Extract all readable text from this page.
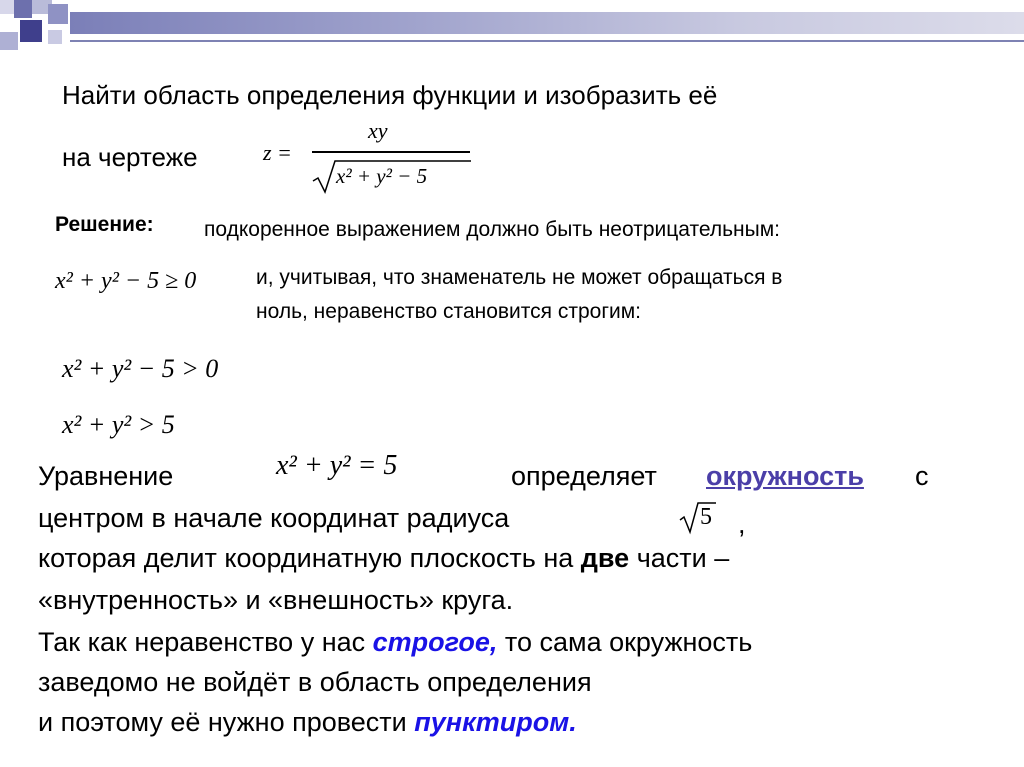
Найти область определения функции и изобразить её
на чертеже	z =
xy
x² + y² − 5
Решение: подкоренное выражением должно быть неотрицательным:
x² + y² − 5 ≥ 0	и, учитывая, что знаменатель не может обращаться в
ноль, неравенство становится строгим:
x² + y² − 5 > 0
x² + y² > 5
Уравнение	x² + y² = 5	определяет окружность с
центром в начале координат радиуса	5 ,
которая делит координатную плоскость на две части –
«внутренность» и «внешность» круга.
Так как неравенство у нас строгое, то сама окружность
заведомо не войдёт в область определения
и поэтому её нужно провести пунктиром.
